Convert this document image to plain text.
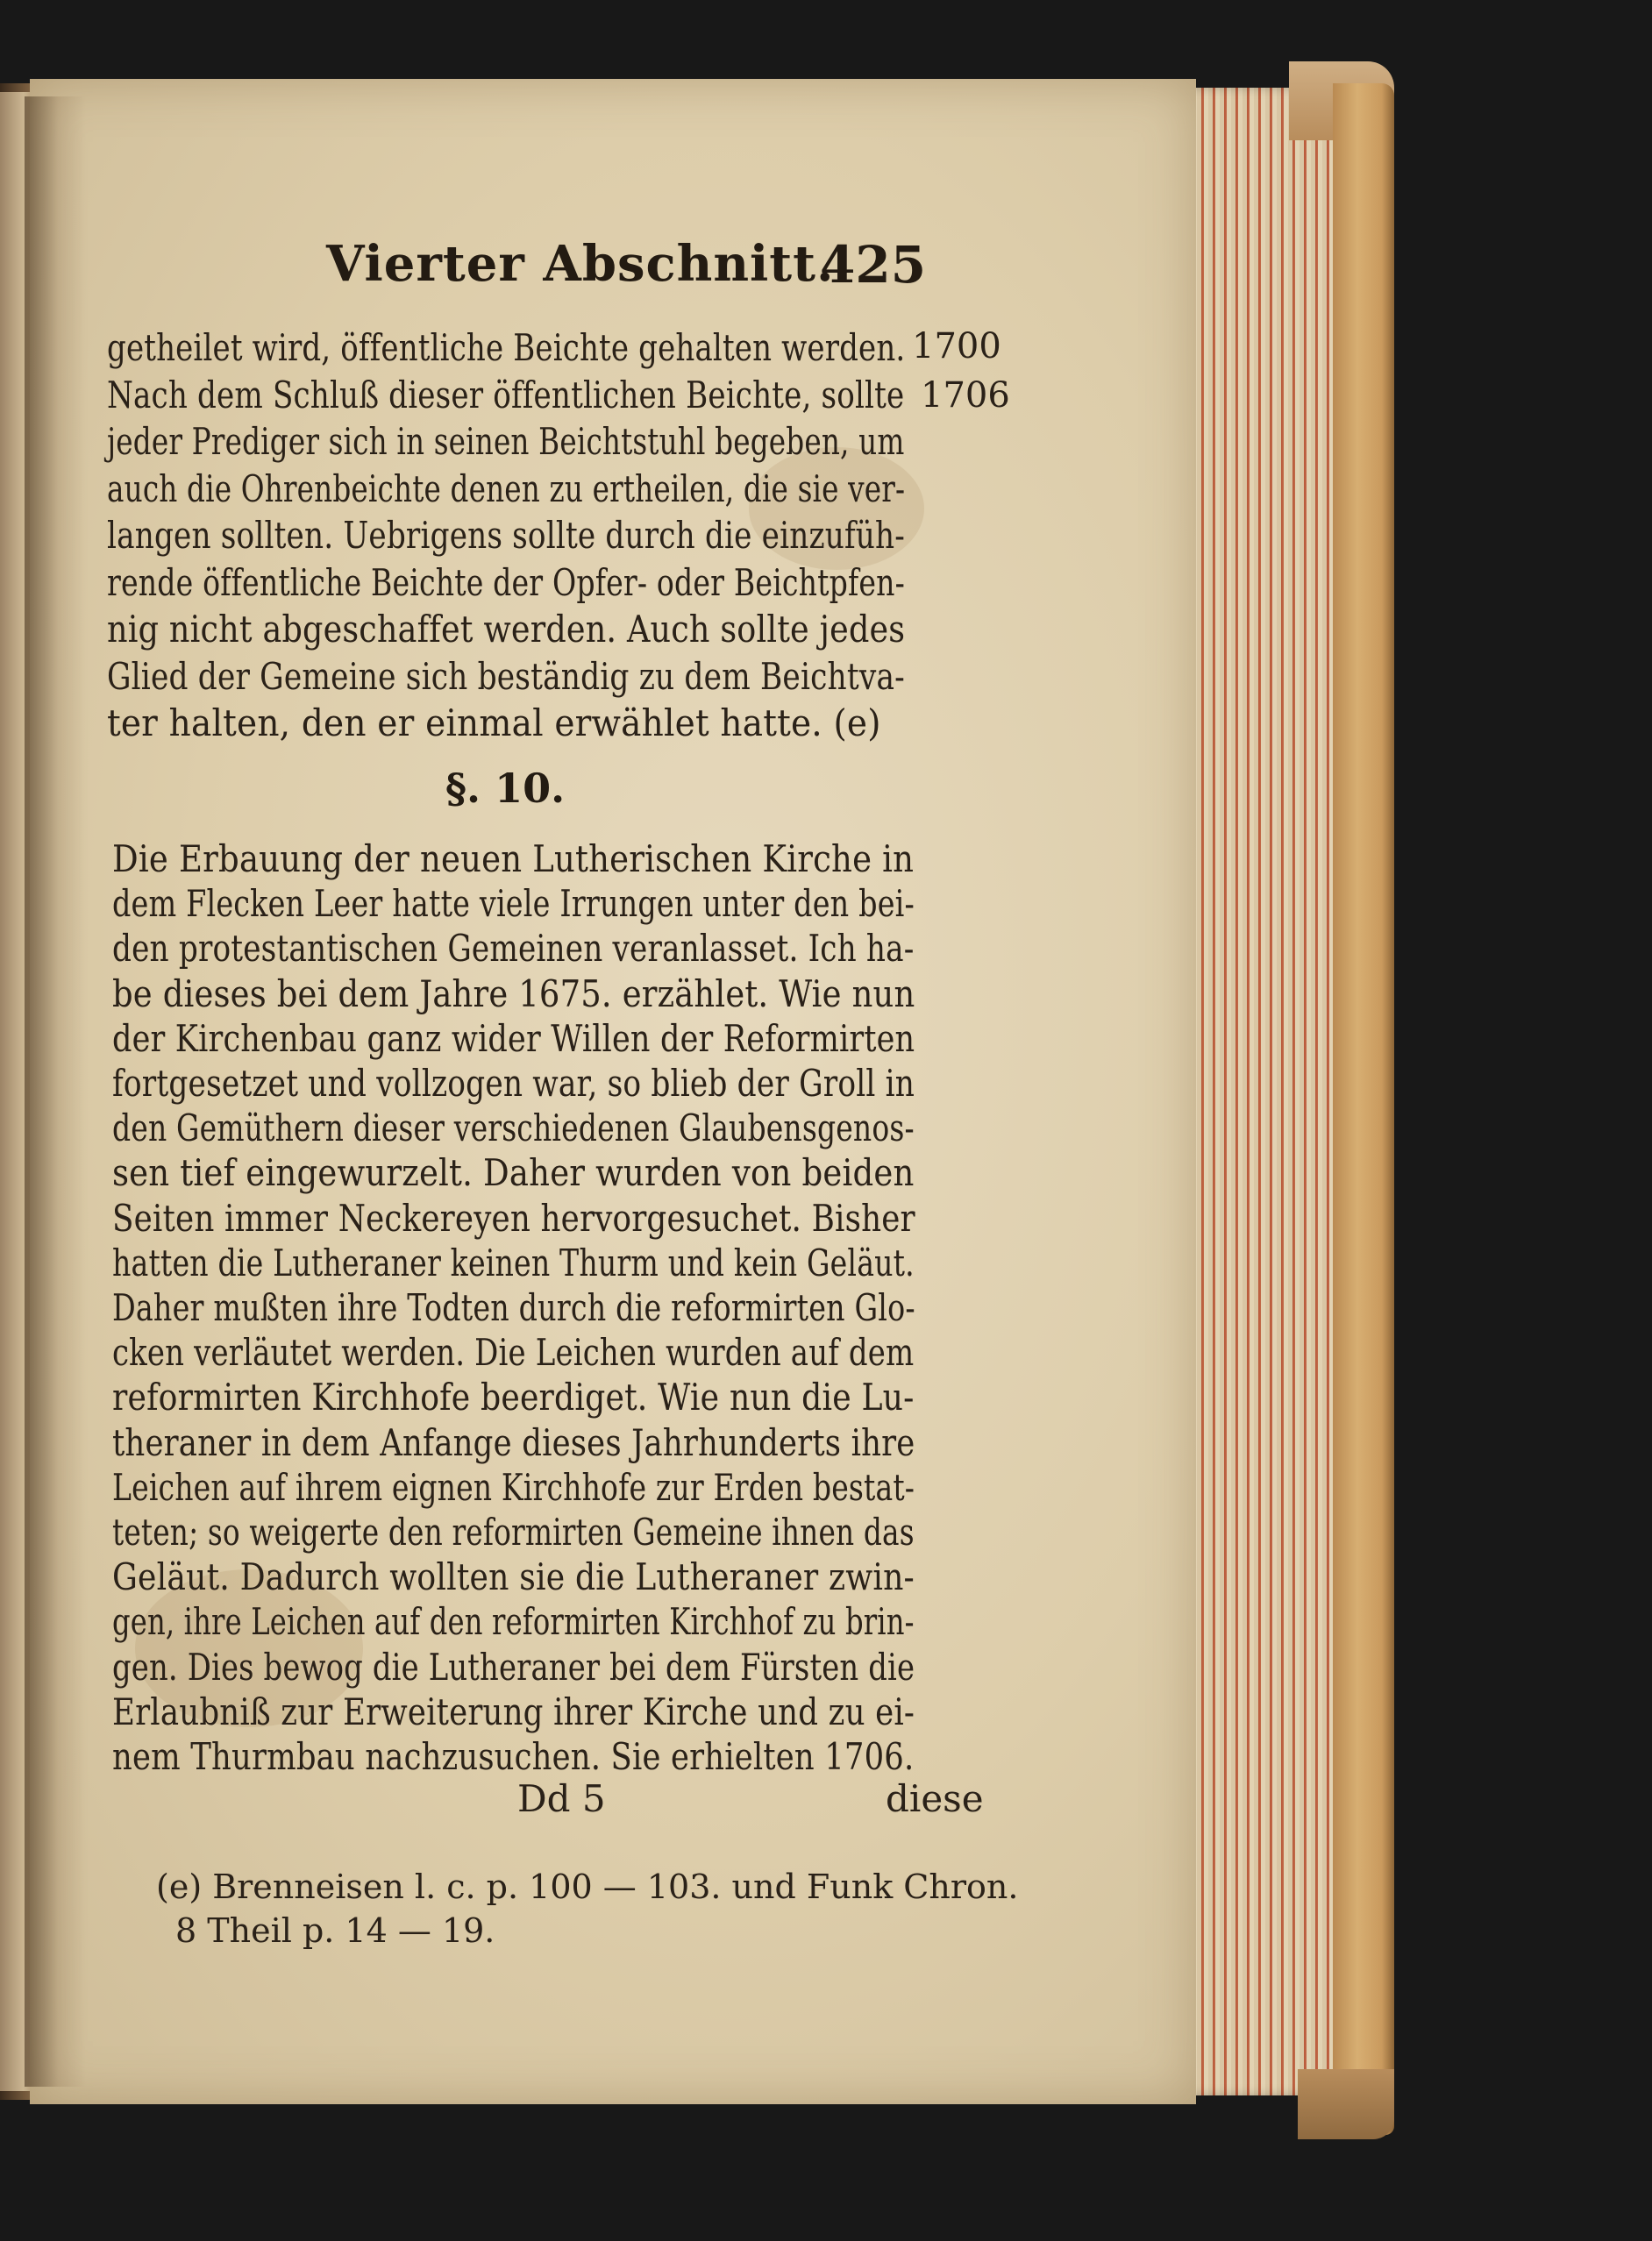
Vierter Abschnitt.
425
1700
1706
getheilet wird, öffentliche Beichte gehalten werden.
Nach dem Schluß dieser öffentlichen Beichte, sollte
jeder Prediger sich in seinen Beichtstuhl begeben, um
auch die Ohrenbeichte denen zu ertheilen, die sie ver-
langen sollten. Uebrigens sollte durch die einzufüh-
rende öffentliche Beichte der Opfer- oder Beichtpfen-
nig nicht abgeschaffet werden. Auch sollte jedes
Glied der Gemeine sich beständig zu dem Beichtva-
ter halten, den er einmal erwählet hatte. (e)
§. 10.
Die Erbauung der neuen Lutherischen Kirche in
dem Flecken Leer hatte viele Irrungen unter den bei-
den protestantischen Gemeinen veranlasset. Ich ha-
be dieses bei dem Jahre 1675. erzählet. Wie nun
der Kirchenbau ganz wider Willen der Reformirten
fortgesetzet und vollzogen war, so blieb der Groll in
den Gemüthern dieser verschiedenen Glaubensgenos-
sen tief eingewurzelt. Daher wurden von beiden
Seiten immer Neckereyen hervorgesuchet. Bisher
hatten die Lutheraner keinen Thurm und kein Geläut.
Daher mußten ihre Todten durch die reformirten Glo-
cken verläutet werden. Die Leichen wurden auf dem
reformirten Kirchhofe beerdiget. Wie nun die Lu-
theraner in dem Anfange dieses Jahrhunderts ihre
Leichen auf ihrem eignen Kirchhofe zur Erden bestat-
teten; so weigerte den reformirten Gemeine ihnen das
Geläut. Dadurch wollten sie die Lutheraner zwin-
gen, ihre Leichen auf den reformirten Kirchhof zu brin-
gen. Dies bewog die Lutheraner bei dem Fürsten die
Erlaubniß zur Erweiterung ihrer Kirche und zu ei-
nem Thurmbau nachzusuchen. Sie erhielten 1706.
Dd 5	diese
(e) Brenneisen l. c. p. 100 — 103. und Funk Chron.
8 Theil p. 14 — 19.
